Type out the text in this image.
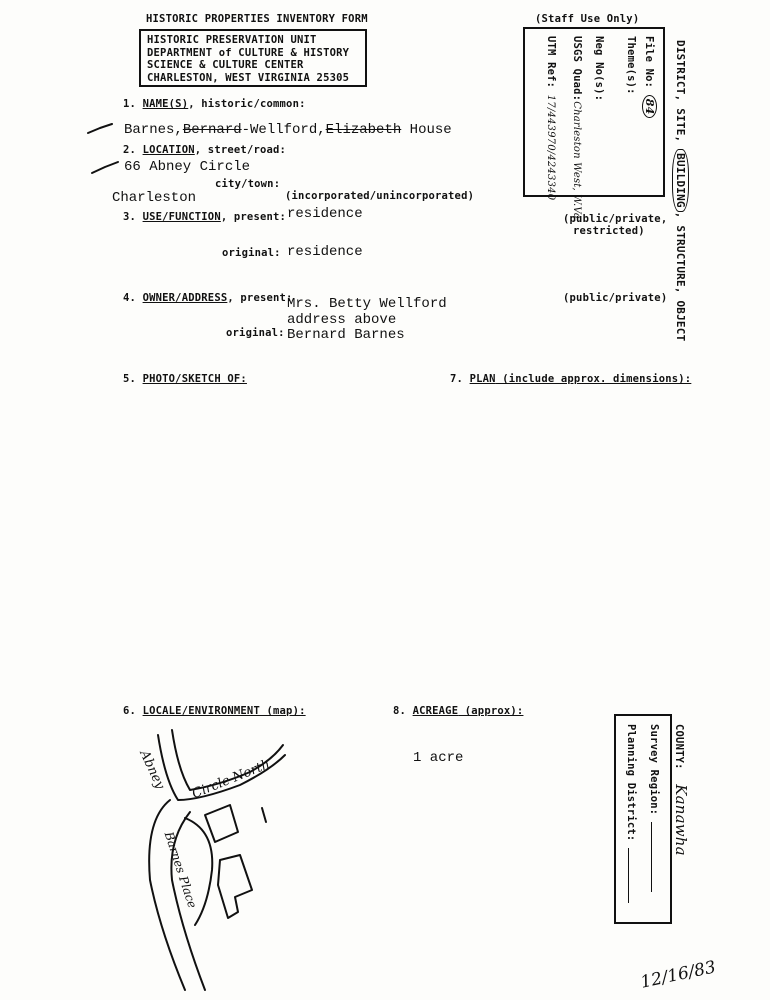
HISTORIC PROPERTIES INVENTORY FORM	(Staff Use Only)
HISTORIC PRESERVATION UNIT
DEPARTMENT of CULTURE & HISTORY
SCIENCE & CULTURE CENTER
CHARLESTON, WEST VIRGINIA 25305	File No: 84
Theme(s):
Neg No(s):
USGS Quad:Charleston West, W.Va.
UTM Ref: 17/443970/4243340	DISTRICT, SITE, BUILDING, STRUCTURE, OBJECT
1. NAME(S), historic/common:
Barnes,Bernard-Wellford,Elizabeth House
2. LOCATION, street/road:
66 Abney Circle
city/town:
Charleston	(incorporated/unincorporated)
3. USE/FUNCTION, present: residence	(public/private,
restricted)
original: residence
4. OWNER/ADDRESS, present:
Mrs. Betty Wellford
address above
(public/private)
original: Bernard Barnes
5. PHOTO/SKETCH OF:	7. PLAN (include approx. dimensions):
6. LOCALE/ENVIRONMENT (map):	8. ACREAGE (approx):
1 acre	COUNTY: Kanawha
Survey Region:
Planning District:
Abney Circle North
Barnes Place
12/16/83
